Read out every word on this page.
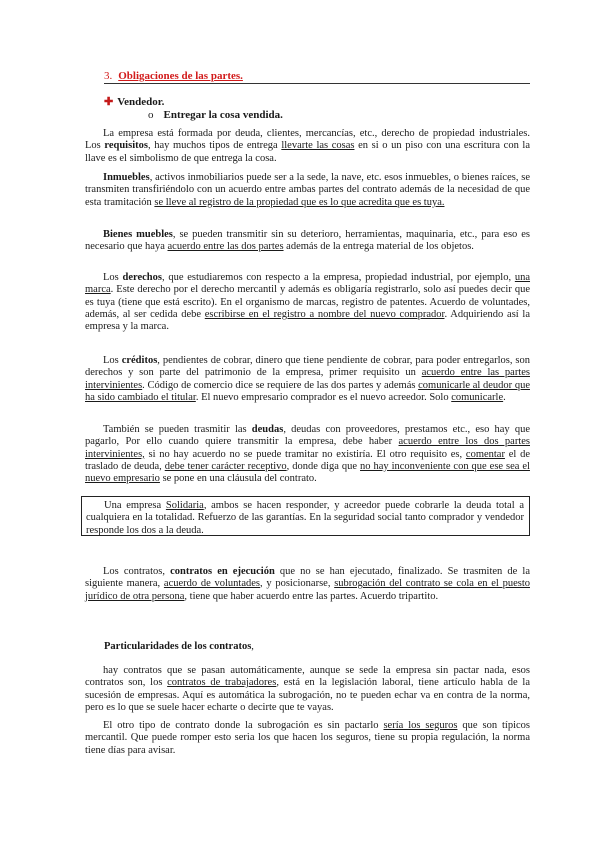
3. Obligaciones de las partes.
✚ Vendedor.
o Entregar la cosa vendida.

La empresa está formada por deuda, clientes, mercancías, etc., derecho de propiedad industriales. Los requisitos, hay muchos tipos de entrega llevarte las cosas en si o un piso con una escritura con la llave es el simbolismo de que entrega la cosa.

Inmuebles, activos inmobiliarios puede ser a la sede, la nave, etc. esos inmuebles, o bienes raíces, se transmiten transfiriéndolo con un acuerdo entre ambas partes del contrato además de la necesidad de que esta tramitación se lleve al registro de la propiedad que es lo que acredita que es tuya.

Bienes muebles, se pueden transmitir sin su deterioro, herramientas, maquinaria, etc., para eso es necesario que haya acuerdo entre las dos partes además de la entrega material de los objetos.

Los derechos, que estudiaremos con respecto a la empresa, propiedad industrial, por ejemplo, una marca. Este derecho por el derecho mercantil y además es obligaría registrarlo, solo así puedes decir que es tuya (tiene que está escrito). En el organismo de marcas, registro de patentes. Acuerdo de voluntades, además, al ser cedida debe escribirse en el registro a nombre del nuevo comprador. Adquiriendo así la empresa y la marca.

Los créditos, pendientes de cobrar, dinero que tiene pendiente de cobrar, para poder entregarlos, son derechos y son parte del patrimonio de la empresa, primer requisito un acuerdo entre las partes intervinientes. Código de comercio dice se requiere de las dos partes y además comunicarle al deudor que ha sido cambiado el titular. El nuevo empresario comprador es el nuevo acreedor. Solo comunicarle.

También se pueden trasmitir las deudas, deudas con proveedores, prestamos etc., eso hay que pagarlo, Por ello cuando quiere transmitir la empresa, debe haber acuerdo entre los dos partes intervinientes, si no hay acuerdo no se puede tramitar no existiría. El otro requisito es, comentar el de traslado de deuda, debe tener carácter receptivo, donde diga que no hay inconveniente con que ese sea el nuevo empresario se pone en una cláusula del contrato.

Una empresa Solidaria, ambos se hacen responder, y acreedor puede cobrarle la deuda total a cualquiera en la totalidad. Refuerzo de las garantías. En la seguridad social tanto comprador y vendedor responde los dos a la deuda.

Los contratos, contratos en ejecución que no se han ejecutado, finalizado. Se trasmiten de la siguiente manera, acuerdo de voluntades, y posicionarse, subrogación del contrato se cola en el puesto jurídico de otra persona, tiene que haber acuerdo entre las partes. Acuerdo tripartito.

Particularidades de los contratos,

hay contratos que se pasan automáticamente, aunque se sede la empresa sin pactar nada, esos contratos son, los contratos de trabajadores, está en la legislación laboral, tiene artículo habla de la sucesión de empresas. Aquí es automática la subrogación, no te pueden echar va en contra de la norma, pero es lo que se suele hacer echarte o decirte que te vayas.

El otro tipo de contrato donde la subrogación es sin pactarlo sería los seguros que son típicos mercantil. Que puede romper esto seria los que hacen los seguros, tiene su propia regulación, la norma tiene días para avisar.
